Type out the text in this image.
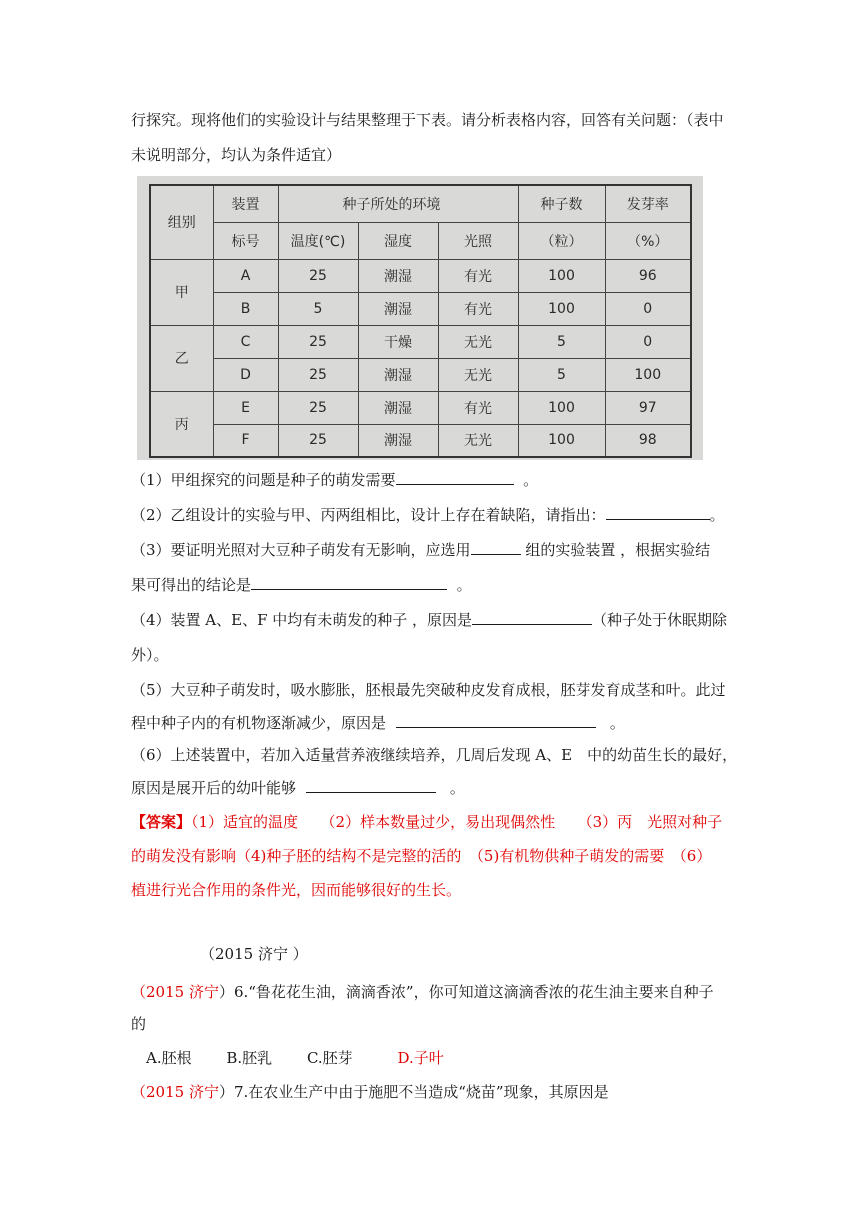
行探究。现将他们的实验设计与结果整理于下表。请分析表格内容，回答有关问题：（表中
未说明部分，均认为条件适宜）
组别	装置	种子所处的环境			种子数	发芽率
	标号	温度(℃)	湿度	光照	（粒）	（%）
甲	A	25	潮湿	有光	100	96
	B	5	潮湿	有光	100	0
乙	C	25	干燥	无光	5	0
	D	25	潮湿	无光	5	100
丙	E	25	潮湿	有光	100	97
	F	25	潮湿	无光	100	98
（1）甲组探究的问题是种子的萌发需要	。
（2）乙组设计的实验与甲、丙两组相比，设计上存在着缺陷，请指出：	。
（3）要证明光照对大豆种子萌发有无影响，应选用	组的实验装置 ，根据实验结
果可得出的结论是	。
（4）装置 A、E、F 中均有未萌发的种子 ，原因是	（种子处于休眠期除
外）。
（5）大豆种子萌发时，吸水膨胀，胚根最先突破种皮发育成根，胚芽发育成茎和叶。此过
程中种子内的有机物逐渐减少，原因是	。
（6）上述装置中，若加入适量营养液继续培养，几周后发现 A、E　中的幼苗生长的最好，
原因是展开后的幼叶能够	。
【答案】（1）适宜的温度　　（2）样本数量过少，易出现偶然性　　（3）丙　光照对种子
的萌发没有影响（4)种子胚的结构不是完整的活的　（5)有机物供种子萌发的需要　（6）
植进行光合作用的条件光，因而能够很好的生长。
（2015 济宁 ）
（2015 济宁）6.“鲁花花生油，滴滴香浓”，你可知道这滴滴香浓的花生油主要来自种子
的
A.胚根 B.胚乳 C.胚芽	D.子叶
（2015 济宁）7.在农业生产中由于施肥不当造成“烧苗”现象，其原因是
